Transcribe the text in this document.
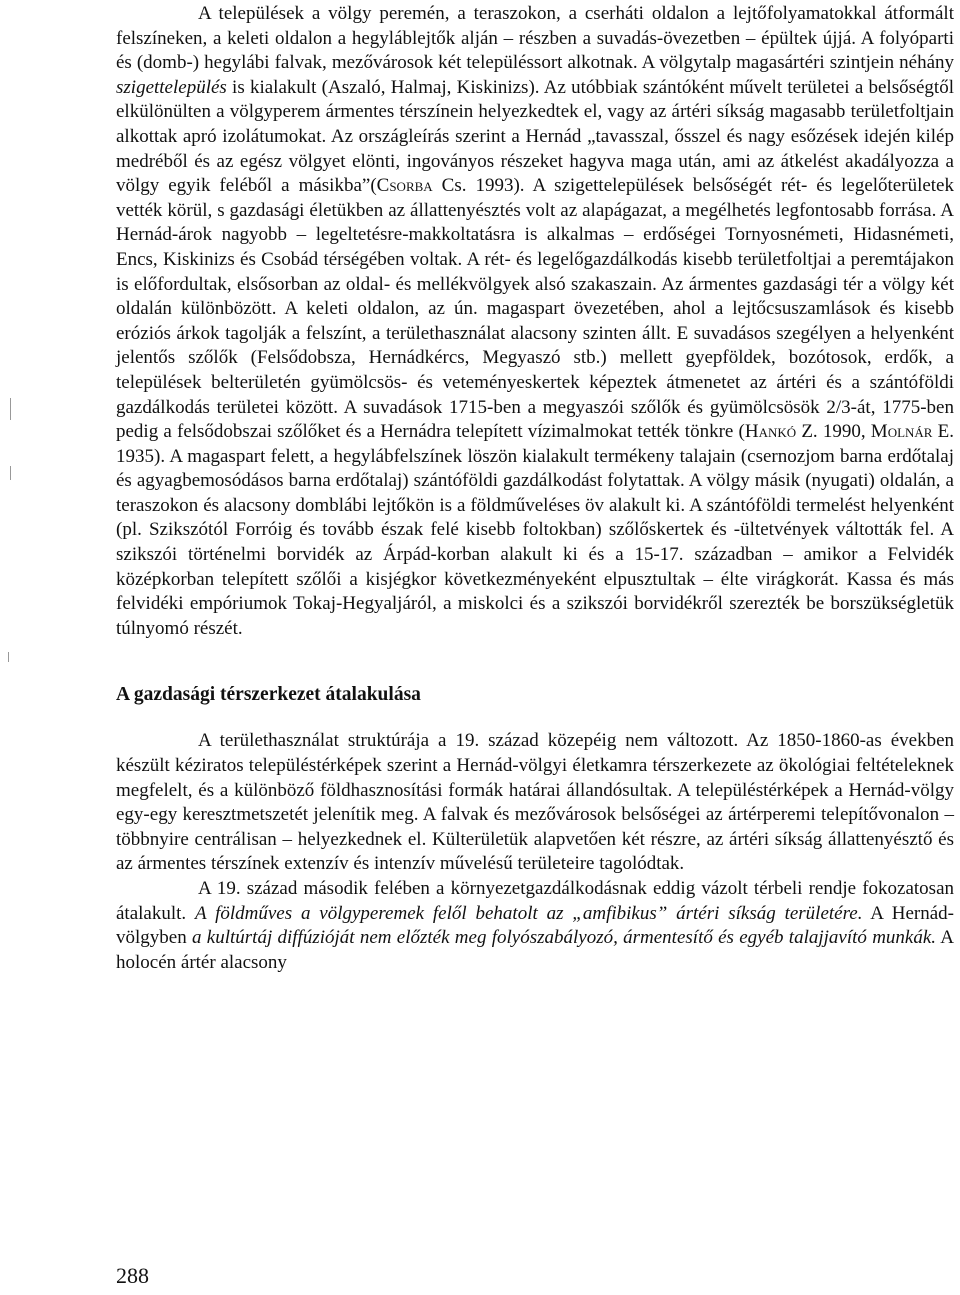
A települések a völgy peremén, a teraszokon, a cserháti oldalon a lejtőfolyamatokkal átformált felszíneken, a keleti oldalon a hegyláblejtők alján – részben a suvadás-övezetben – épültek újjá. A folyóparti és (domb-) hegylábi falvak, mezővárosok két településsort alkotnak. A völgytalp magasártéri szintjein néhány szigettelepülés is kialakult (Aszaló, Halmaj, Kiskinizs). Az utóbbiak szántóként művelt területei a belsőségtől elkülönülten a völgyperem ármentes térszínein helyezkedtek el, vagy az ártéri síkság magasabb területfoltjain alkottak apró izolátumokat. Az országleírás szerint a Hernád „tavasszal, ősszel és nagy esőzések idején kilép medréből és az egész völgyet elönti, ingoványos részeket hagyva maga után, ami az átkelést akadályozza a völgy egyik feléből a másikba”(Csorba Cs. 1993). A szigettelepülések belsőségét rét- és legelőterületek vették körül, s gazdasági életükben az állattenyésztés volt az alapágazat, a megélhetés legfontosabb forrása. A Hernád-árok nagyobb – legeltetésre-makkoltatásra is alkalmas – erdőségei Tornyosnémeti, Hidasnémeti, Encs, Kiskinizs és Csobád térségében voltak. A rét- és legelőgazdálkodás kisebb területfoltjai a peremtájakon is előfordultak, elsősorban az oldal- és mellékvölgyek alsó szakaszain. Az ármentes gazdasági tér a völgy két oldalán különbözött. A keleti oldalon, az ún. magaspart övezetében, ahol a lejtőcsuszamlások és kisebb eróziós árkok tagolják a felszínt, a területhasználat alacsony szinten állt. E suvadásos szegélyen a helyenként jelentős szőlők (Felsődobsza, Hernádkércs, Megyaszó stb.) mellett gyepföldek, bozótosok, erdők, a települések belterületén gyümölcsös- és veteményeskertek képeztek átmenetet az ártéri és a szántóföldi gazdálkodás területei között. A suvadások 1715-ben a megyaszói szőlők és gyümölcsösök 2/3-át, 1775-ben pedig a felsődobszai szőlőket és a Hernádra telepített vízimalmokat tették tönkre (Hankó Z. 1990, Molnár E. 1935). A magaspart felett, a hegylábfelszínek löszön kialakult termékeny talajain (csernozjom barna erdőtalaj és agyagbemosódásos barna erdőtalaj) szántóföldi gazdálkodást folytattak. A völgy másik (nyugati) oldalán, a teraszokon és alacsony domblábi lejtőkön is a földműveléses öv alakult ki. A szántóföldi termelést helyenként (pl. Szikszótól Forróig és tovább észak felé kisebb foltokban) szőlőskertek és -ültetvények váltották fel. A szikszói történelmi borvidék az Árpád-korban alakult ki és a 15-17. században – amikor a Felvidék középkorban telepített szőlői a kisjégkor következményeként elpusztultak – élte virágkorát. Kassa és más felvidéki empóriumok Tokaj-Hegyaljáról, a miskolci és a szikszói borvidékről szerezték be borszükségletük túlnyomó részét.

A gazdasági térszerkezet átalakulása

A területhasználat struktúrája a 19. század közepéig nem változott. Az 1850-1860-as években készült kéziratos településtérképek szerint a Hernád-völgyi életkamra térszerkezete az ökológiai feltételeknek megfelelt, és a különböző földhasznosítási formák határai állandósultak. A településtérképek a Hernád-völgy egy-egy keresztmetszetét jelenítik meg. A falvak és mezővárosok belsőségei az ártérperemi telepítővonalon – többnyire centrálisan – helyezkednek el. Külterületük alapvetően két részre, az ártéri síkság állattenyésztő és az ármentes térszínek extenzív és intenzív művelésű területeire tagolódtak.

A 19. század második felében a környezetgazdálkodásnak eddig vázolt térbeli rendje fokozatosan átalakult. A földműves a völgyperemek felől behatolt az „amfibikus” ártéri síkság területére. A Hernád-völgyben a kultúrtáj diffúzióját nem előzték meg folyószabályozó, ármentesítő és egyéb talajjavító munkák. A holocén ártér alacsony

288
